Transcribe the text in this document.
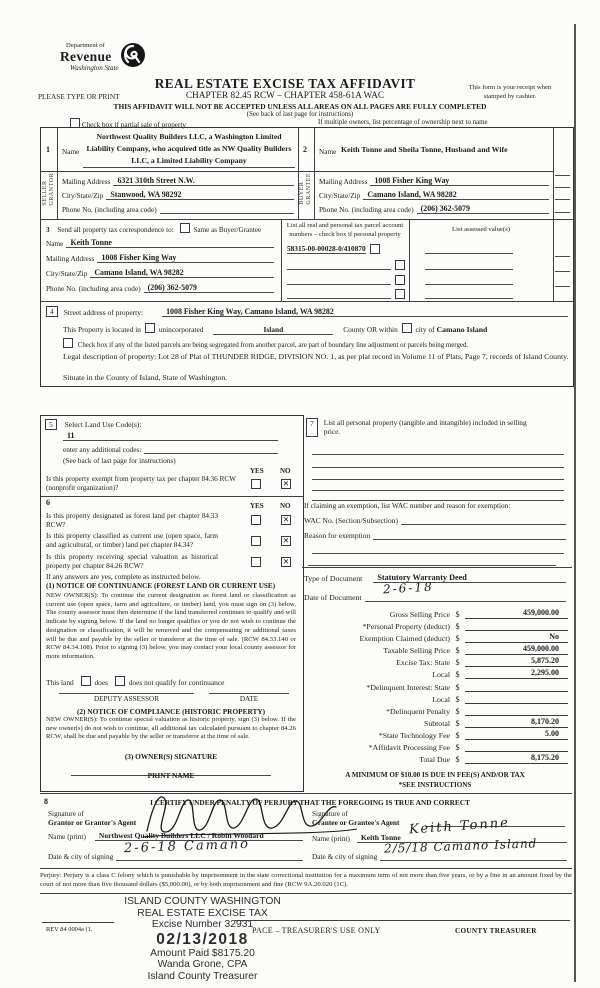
Department of
Revenue
Washington State
PLEASE TYPE OR PRINT
REAL ESTATE EXCISE TAX AFFIDAVIT
CHAPTER 82.45 RCW – CHAPTER 458-61A WAC
THIS AFFIDAVIT WILL NOT BE ACCEPTED UNLESS ALL AREAS ON ALL PAGES ARE FULLY COMPLETED
(See back of last page for instructions)
This form is your receipt when stamped by cashier.
Check box if partial sale of property	If multiple owners, list percentage of ownership next to name
1
SELLER GRANTOR
Name
Northwest Quality Builders LLC, a Washington Limited Liability Company, who acquired title as NW Quality Builders LLC, a Limited Liability Company
2
BUYER GRANTEE
Name Keith Tonne and Sheila Tonne, Husband and Wife
Mailing Address 6321 310th Street N.W.
City/State/Zip Stanwood, WA 98292
Phone No. (including area code)
Mailing Address 1008 Fisher King Way
City/State/Zip Camano Island, WA 98282
Phone No. (including area code) (206) 362-5079
3 Send all property tax correspondence to:	Same as Buyer/Grantee
Name Keith Tonne
Mailing Address 1008 Fisher King Way
City/State/Zip Camano Island, WA 98282
Phone No. (including area code) (206) 362-5079
List all real and personal tax parcel account numbers – check box if personal property
58315-00-00028-0/410870
List assessed value(s)
4	Street address of property:	1008 Fisher King Way, Camano Island, WA 98282
This Property is located in unincorporated	Island	County OR within city of Camano Island
Check box if any of the listed parcels are being segregated from another parcel, are part of boundary line adjustment or parcels being merged.
Legal description of property: Lot 28 of Plat of THUNDER RIDGE, DIVISION NO. 1, as per plat record in Volume 11 of Plats, Page 7, records of Island County.
Situate in the County of Island, State of Washington.
5 Select Land Use Code(s):
11
enter any additional codes:
(See back of last page for instructions)
YES NO
Is this property exempt from property tax per chapter 84.36 RCW (nonprofit organization)?	✕
6	YES NO
Is this property designated as forest land per chapter 84.33 RCW?
✕
Is this property classified as current use (open space, farm and agricultural, or timber) land per chapter 84.34?	✕
Is this property receiving special valuation as historical property per chapter 84.26 RCW?	✕
If any answers are yes, complete as instructed below.
(1) NOTICE OF CONTINUANCE (FOREST LAND OR CURRENT USE)
NEW OWNER(S): To continue the current designation as forest land or classification as current use (open space, farm and agriculture, or timber) land, you must sign on (3) below. The county assessor must then determine if the land transferred continues to qualify and will indicate by signing below. If the land no longer qualifies or you do not wish to continue the designation or classification, it will be removed and the compensating or additional taxes will be due and payable by the seller or transferor at the time of sale. (RCW 84.33.140 or RCW 84.34.108). Prior to signing (3) below, you may contact your local county assessor for more information.
This land	does	does not qualify for continuance
DEPUTY ASSESSOR	DATE
(2) NOTICE OF COMPLIANCE (HISTORIC PROPERTY)
NEW OWNER(S): To continue special valuation as historic property, sign (3) below. If the new owner(s) do not wish to continue, all additional tax calculated pursuant to chapter 84.26 RCW, shall be due and payable by the seller or transferor at the time of sale.
(3) OWNER(S) SIGNATURE
PRINT NAME
7	List all personal property (tangible and intangible) included in selling price.
If claiming an exemption, list WAC number and reason for exemption:
WAC No. (Section/Subsection)
Reason for exemption
Type of Document	Statutory Warranty Deed
Date of Document
2-6-18
Gross Selling Price $	459,000.00
*Personal Property (deduct) $
Exemption Claimed (deduct) $	No
Taxable Selling Price $	459,000.00
Excise Tax: State $	5,875.20
Local $	2,295.00
*Delinquent Interest: State $
Local $
*Delinquent Penalty $
Subtotal $	8,170.20
*State Technology Fee $	5.00
*Affidavit Processing Fee $
Total Due $	8,175.20
A MINIMUM OF $10.00 IS DUE IN FEE(S) AND/OR TAX
*SEE INSTRUCTIONS
8	I CERTIFY UNDER PENALTY OF PERJURY THAT THE FOREGOING IS TRUE AND CORRECT
Signature of
Grantor or Grantor's Agent
Name (print)	Northwest Quality Builders LLC / Robin Woodard
Date & city of signing
2-6-18 Camano
Signature of
Grantee or Grantee's Agent
Name (print)	Keith Tonne Keith Tonne
Date & city of signing
2/5/18 Camano Island
Perjury: Perjury is a class C felony which is punishable by imprisonment in the state correctional institution for a maximum term of not more than five years, or by a fine in an amount fixed by the court of not more than five thousand dollars ($5,000.00), or by both imprisonment and fine (RCW 9A.20.020 (1C).
ISLAND COUNTY WASHINGTON
REAL ESTATE EXCISE TAX
Excise Number 32931
02/13/2018
Amount Paid $8175.20
Wanda Grone, CPA
Island County Treasurer
REV 84 0004a (1.	PACE – TREASURER'S USE ONLY	COUNTY TREASURER
